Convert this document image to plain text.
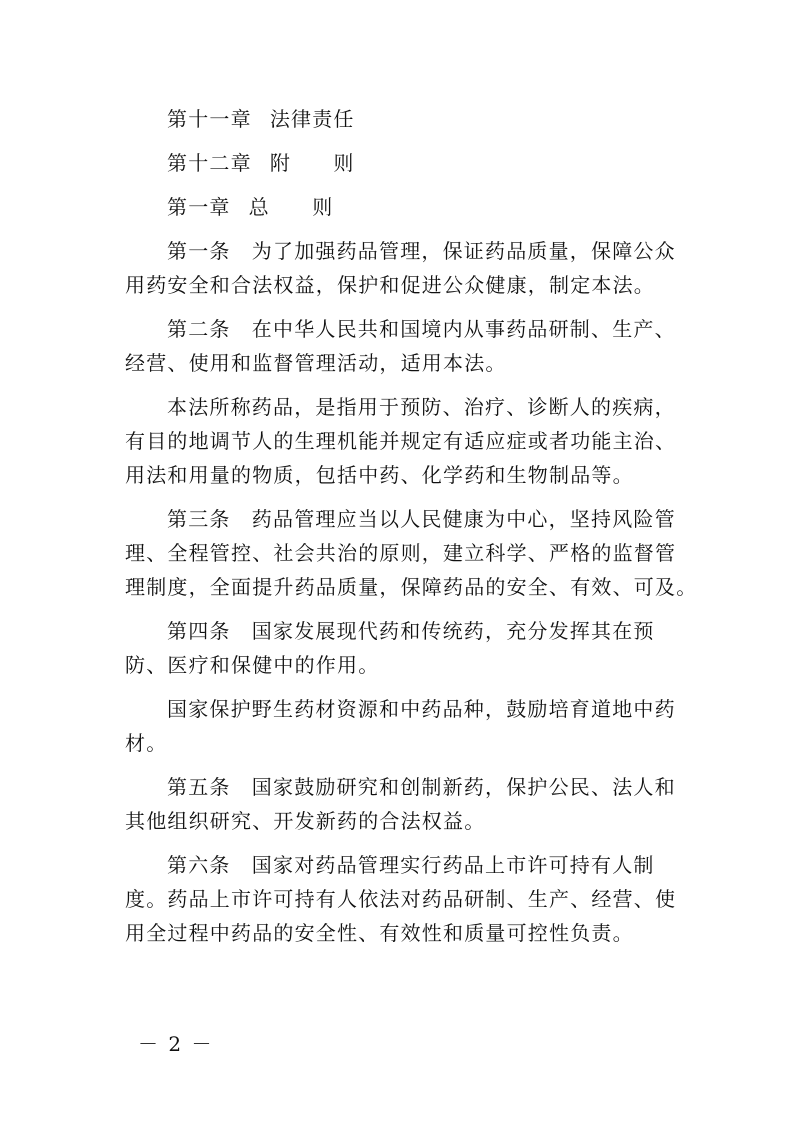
第十一章 法律责任
第十二章 附　　则
第一章 总　　则
第一条　为了加强药品管理，保证药品质量，保障公众
用药安全和合法权益，保护和促进公众健康，制定本法。
第二条　在中华人民共和国境内从事药品研制、生产、
经营、使用和监督管理活动，适用本法。
本法所称药品，是指用于预防、治疗、诊断人的疾病，
有目的地调节人的生理机能并规定有适应症或者功能主治、
用法和用量的物质，包括中药、化学药和生物制品等。
第三条　药品管理应当以人民健康为中心，坚持风险管
理、全程管控、社会共治的原则，建立科学、严格的监督管
理制度，全面提升药品质量，保障药品的安全、有效、可及。
第四条　国家发展现代药和传统药，充分发挥其在预
防、医疗和保健中的作用。
国家保护野生药材资源和中药品种，鼓励培育道地中药
材。
第五条　国家鼓励研究和创制新药，保护公民、法人和
其他组织研究、开发新药的合法权益。
第六条　国家对药品管理实行药品上市许可持有人制
度。药品上市许可持有人依法对药品研制、生产、经营、使
用全过程中药品的安全性、有效性和质量可控性负责。
－ 2 －
